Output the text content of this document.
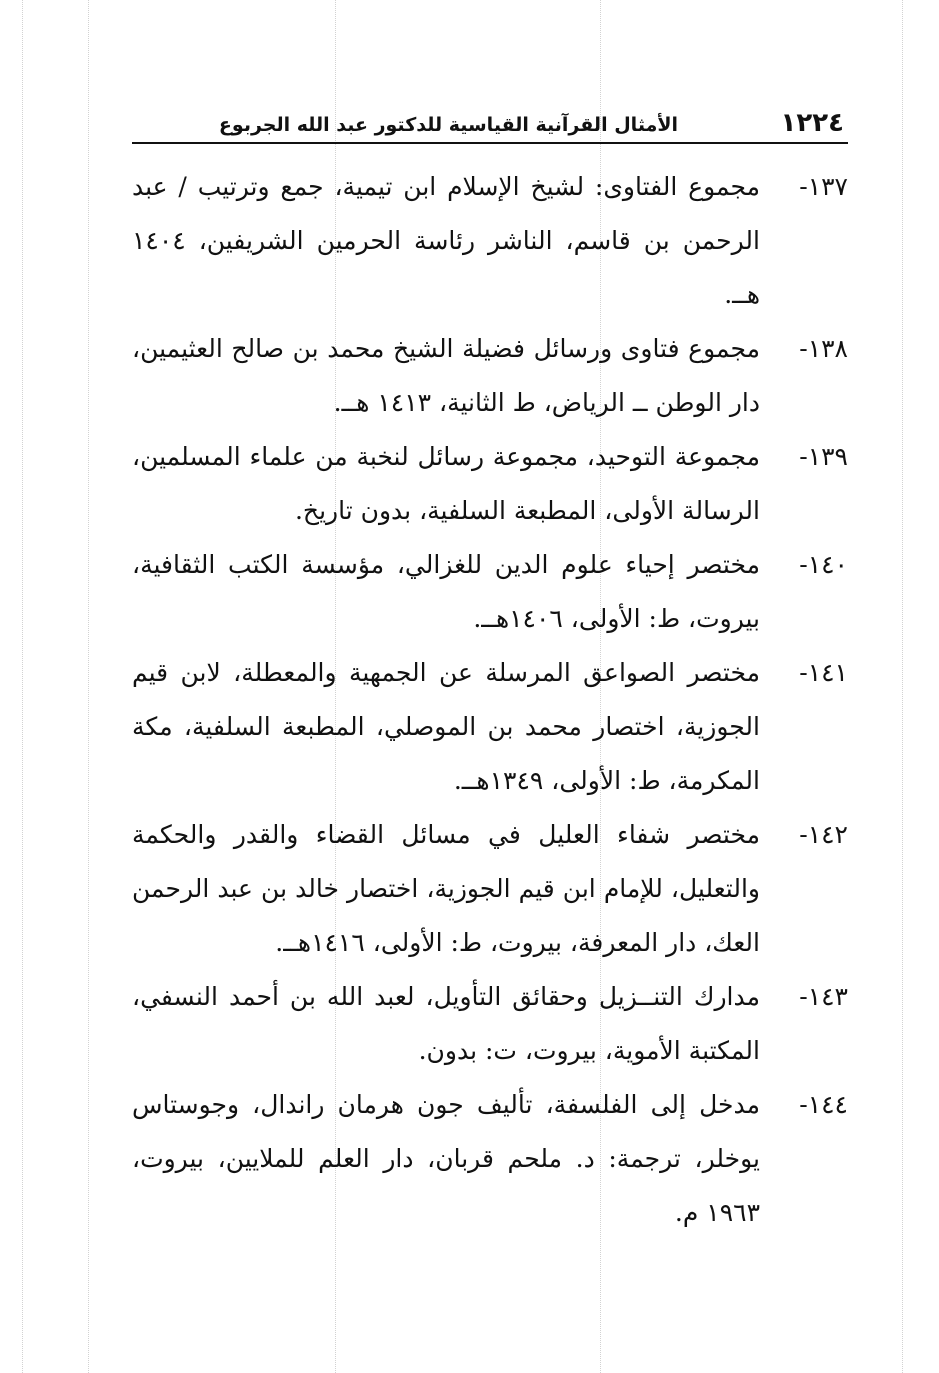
١٢٢٤
الأمثال القرآنية القياسية للدكتور عبد الله الجربوع
١٣٧-
مجموع الفتاوى: لشيخ الإسلام ابن تيمية، جمع وترتيب / عبد الرحمن بن قاسم، الناشر رئاسة الحرمين الشريفين، ١٤٠٤ هــ.
١٣٨-
مجموع فتاوى ورسائل فضيلة الشيخ محمد بن صالح العثيمين، دار الوطن ــ الرياض، ط الثانية، ١٤١٣ هــ.
١٣٩-
مجموعة التوحيد، مجموعة رسائل لنخبة من علماء المسلمين، الرسالة الأولى، المطبعة السلفية، بدون تاريخ.
١٤٠-
مختصر إحياء علوم الدين للغزالي، مؤسسة الكتب الثقافية، بيروت، ط: الأولى، ١٤٠٦هــ.
١٤١-
مختصر الصواعق المرسلة عن الجمهية والمعطلة، لابن قيم الجوزية، اختصار محمد بن الموصلي، المطبعة السلفية، مكة المكرمة، ط: الأولى، ١٣٤٩هــ.
١٤٢-
مختصر شفاء العليل في مسائل القضاء والقدر والحكمة والتعليل، للإمام ابن قيم الجوزية، اختصار خالد بن عبد الرحمن العك، دار المعرفة، بيروت، ط: الأولى، ١٤١٦هــ.
١٤٣-
مدارك التنــزيل وحقائق التأويل، لعبد الله بن أحمد النسفي، المكتبة الأموية، بيروت، ت: بدون.
١٤٤-
مدخل إلى الفلسفة، تأليف جون هرمان راندال، وجوستاس يوخلر، ترجمة: د. ملحم قربان، دار العلم للملايين، بيروت، ١٩٦٣ م.
